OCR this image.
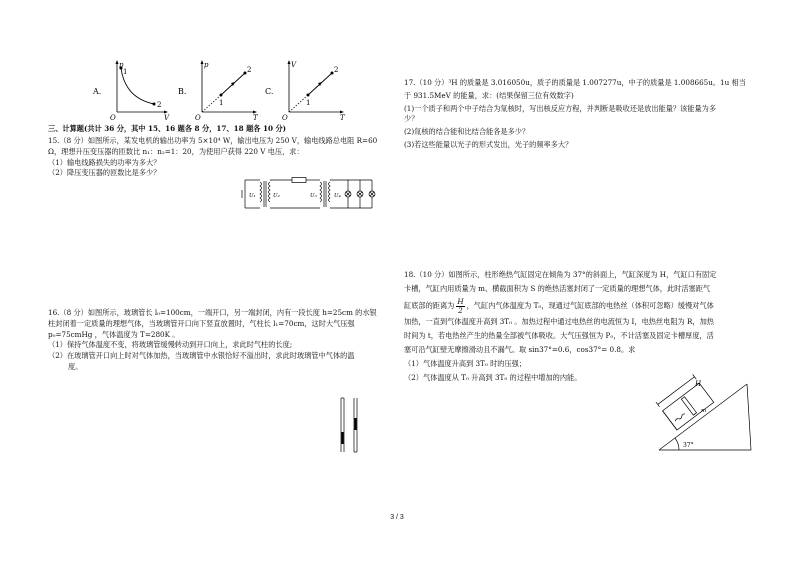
A.
p
V
O
1
2
B.
p
T
O
1
2
C.
V
T
O
1
2
三、计算题(共计 36 分，其中 15、16 题各 8 分，17、18 题各 10 分)
15.（8 分）如图所示，某发电机的输出功率为 5×10⁴ W，输出电压为 250 V，输电线路总电阻 R=60
Ω，理想升压变压器的匝数比 n₁：n₂=1：20，为使用户获得 220 V 电压，求：
（1）输电线路损失的功率为多大？
（2）降压变压器的匝数比是多少？
U₁	U₂	U₃	U₄
16.（8 分）如图所示，玻璃管长 l₀=100cm，一端开口，另一端封闭，内有一段长度 h=25cm 的水银
柱封闭着一定质量的理想气体，当玻璃管开口向下竖直放置时，气柱长 l₁=70cm，这时大气压强
p₀=75cmHg ，气体温度为 T=280K 。
（1）保持气体温度不变，将玻璃管缓慢转动到开口向上，求此时气柱的长度;
（2）在玻璃管开口向上时对气体加热，当玻璃管中水银恰好不溢出时，求此时玻璃管中气体的温
度。
17.（10 分）³H 的质量是 3.016050u，质子的质量是 1.007277u，中子的质量是 1.008665u。1u 相当
于 931.5MeV 的能量，求：(结果保留三位有效数字)
(1)一个质子和两个中子结合为氚核时，写出核反应方程，并判断是吸收还是放出能量？该能量为多
少？
(2)氚核的结合能和比结合能各是多少？
(3)若这些能量以光子的形式发出，光子的频率多大？
18.（10 分）如图所示，柱形绝热气缸固定在倾角为 37°的斜面上，气缸深度为 H，气缸口有固定
卡槽，气缸内用质量为 m、横截面积为 S 的绝热活塞封闭了一定质量的理想气体，此时活塞距气
缸底部的距离为 $\frac{H}{2}$ ，气缸内气体温度为 T₀，现通过气缸底部的电热丝（体积可忽略）缓慢对气体
加热，一直到气体温度升高到 3T₀ 。加热过程中通过电热丝的电流恒为 I，电热丝电阻为 R，加热
时间为 t，若电热丝产生的热量全部被气体吸收。大气压强恒为 P₀，不计活塞及固定卡槽厚度，活
塞可沿气缸壁无摩擦滑动且不漏气。取 sin37°=0.6，cos37°= 0.8。求
（1）气体温度升高到 3T₀ 时的压强；
（2）气体温度从 T₀ 升高到 3T₀ 的过程中增加的内能。
H
m
37°
3 / 3
